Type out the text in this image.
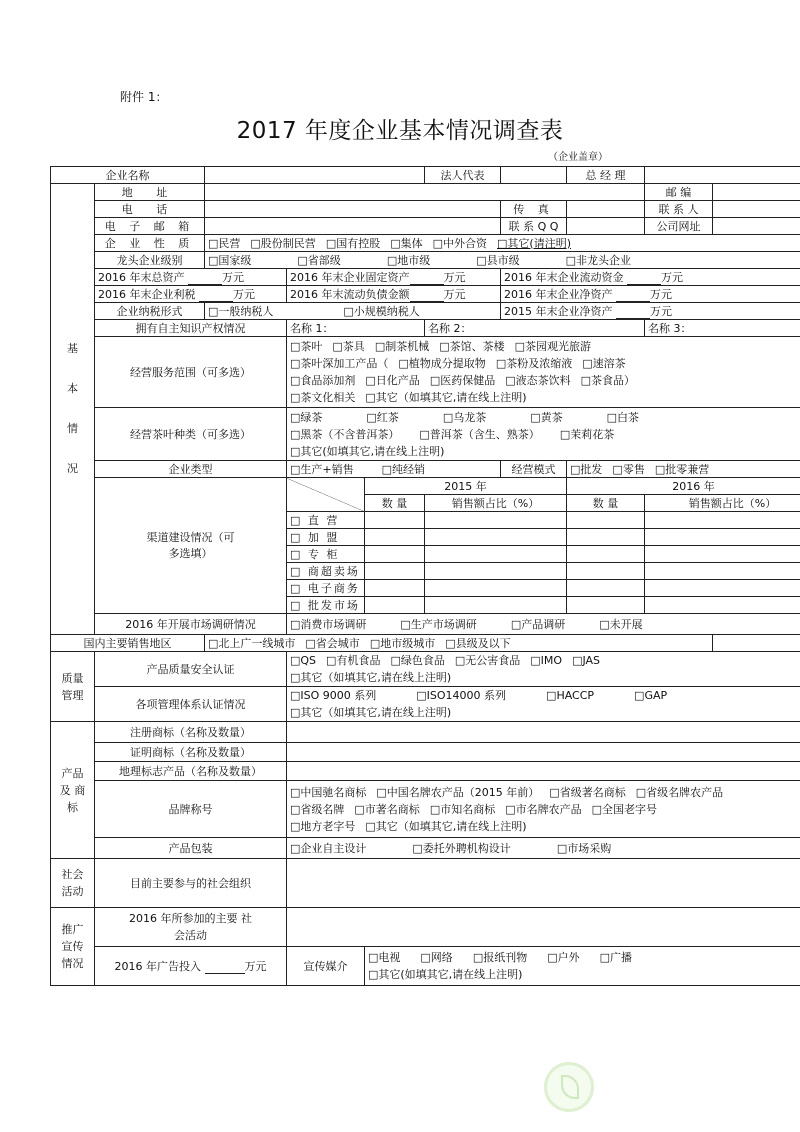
附件 1：
2017 年度企业基本情况调查表
（企业盖章）
企业名称					法人代表		总 经 理		
基 本 情 况	地 址							邮 编	
	电 话					传 真		联 系 人	
	电 子 邮 箱					联 系 Q Q		公司网址	
	企 业 性 质	□民营 □股份制民营 □国有控股 □集体 □中外合资 □其它(请注明)							
	龙头企业级别	□国家级 □省部级 □地市级 □县市级 □非龙头企业							
	2016 年末总资产 万元		2016 年末企业固定资产 万元			2016 年末企业流动资金 万元			
	2016 年末企业利税 万元		2016 年末流动负债金额 万元			2016 年末企业净资产 万元			
	企业纳税形式	□一般纳税人 □小规模纳税人				2015 年末企业净资产 万元			
	拥有自主知识产权情况		名称 1：		名称 2：			名称 3：	
	经营服务范围（可多选）		□茶叶 □茶具 □制茶机械 □茶馆、茶楼 □茶园观光旅游
□茶叶深加工产品（ □植物成分提取物 □茶粉及浓缩液 □速溶茶
□食品添加剂 □日化产品 □医药保健品 □液态茶饮料 □茶食品）
□茶文化相关 □其它（如填其它,请在线上注明)						

	经营茶叶种类（可多选）		□绿茶 □红茶 □乌龙茶 □黄茶 □白茶
□黑茶（不含普洱茶） □普洱茶（含生、熟茶） □茉莉花茶
□其它(如填其它,请在线上注明)						

	企业类型		□生产+销售 □纯经销			经营模式	□批发 □零售 □批零兼营		
	渠道建设情况（可多选填）			2015 年			2016 年		
				数 量	销售额占比（%）		数 量	销售额占比（%）	
			□ 直 营						
			□ 加 盟						
			□ 专 柜						
			□ 商超卖场						
			□ 电子商务						
			□ 批发市场						
	2016 年开展市场调研情况		□消费市场调研 □生产市场调研 □产品调研 □未开展						
国内主要销售地区		□北上广一线城市 □省会城市 □地市级城市 □县级及以下							
质量 管理	产品质量安全认证		□QS □有机食品 □绿色食品 □无公害食品 □IMO □JAS
□其它（如填其它,请在线上注明)						

	各项管理体系认证情况		□ISO 9000 系列 □ISO14000 系列 □HACCP □GAP
□其它（如填其它,请在线上注明)						

产品 及 商标	注册商标（名称及数量）								
	证明商标（名称及数量）								
	地理标志产品（名称及数量）								
	品牌称号		□中国驰名商标 □中国名牌农产品（2015 年前） □省级著名商标 □省级名牌农产品
□省级名牌 □市著名商标 □市知名商标 □市名牌农产品 □全国老字号
□地方老字号 □其它（如填其它,请在线上注明)						

	产品包装		□企业自主设计 □委托外聘机构设计 □市场采购						
社会 活动	目前主要参与的社会组织								
推广 宣传 情况	2016 年所参加的主要 社会活动								
	2016 年广告投入 万元		宣传媒介	□电视 □网络 □报纸刊物 □户外 □广播
□其它(如填其它,请在线上注明)					
